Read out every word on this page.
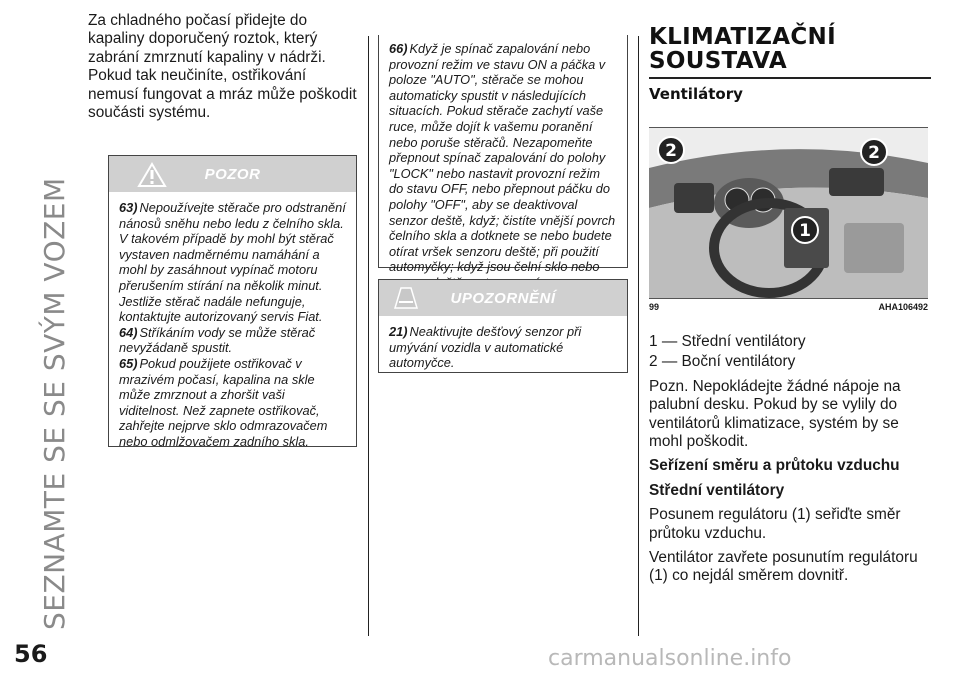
SEZNAMTE SE SE SVÝM VOZEM
56

Za chladného počasí přidejte do kapaliny doporučený roztok, který zabrání zmrznutí kapaliny v nádrži. Pokud tak neučiníte, ostřikování nemusí fungovat a mráz může poškodit součásti systému.

POZOR

63) Nepoužívejte stěrače pro odstranění nánosů sněhu nebo ledu z čelního skla. V takovém případě by mohl být stěrač vystaven nadměrnému namáhání a mohl by zasáhnout vypínač motoru přerušením stírání na několik minut. Jestliže stěrač nadále nefunguje, kontaktujte autorizovaný servis Fiat.

64) Stříkáním vody se může stěrač nevyžádaně spustit.

65) Pokud použijete ostřikovač v mrazivém počasí, kapalina na skle může zmrznout a zhoršit vaši viditelnost. Než zapnete ostřikovač, zahřejte nejprve sklo odmrazovačem nebo odmlžovačem zadního skla.

66) Když je spínač zapalování nebo provozní režim ve stavu ON a páčka v poloze "AUTO", stěrače se mohou automaticky spustit v následujících situacích. Pokud stěrače zachytí vaše ruce, může dojít k vašemu poranění nebo poruše stěračů. Nezapomeňte přepnout spínač zapalování do polohy "LOCK" nebo nastavit provozní režim do stavu OFF, nebo přepnout páčku do polohy "OFF", aby se deaktivoval senzor deště, když; čistíte vnější povrch čelního skla a dotknete se nebo budete otírat vršek senzoru deště; při použití automyčky; když jsou čelní sklo nebo

UPOZORNĚNÍ

21) Neaktivujte dešťový senzor při umývání vozidla v automatické automyčce.

KLIMATIZAČNÍ
SOUSTAVA
Ventilátory
2	2
1
99	AHA106492

1 — Střední ventilátory

2 — Boční ventilátory

Pozn. Nepokládejte žádné nápoje na palubní desku. Pokud by se vylily do ventilátorů klimatizace, systém by se mohl poškodit.

Seřízení směru a průtoku vzduchu

Střední ventilátory

Posunem regulátoru (1) seřiďte směr průtoku vzduchu.

Ventilátor zavřete posunutím regulátoru (1) co nejdál směrem dovnitř.

carmanualsonline.info
